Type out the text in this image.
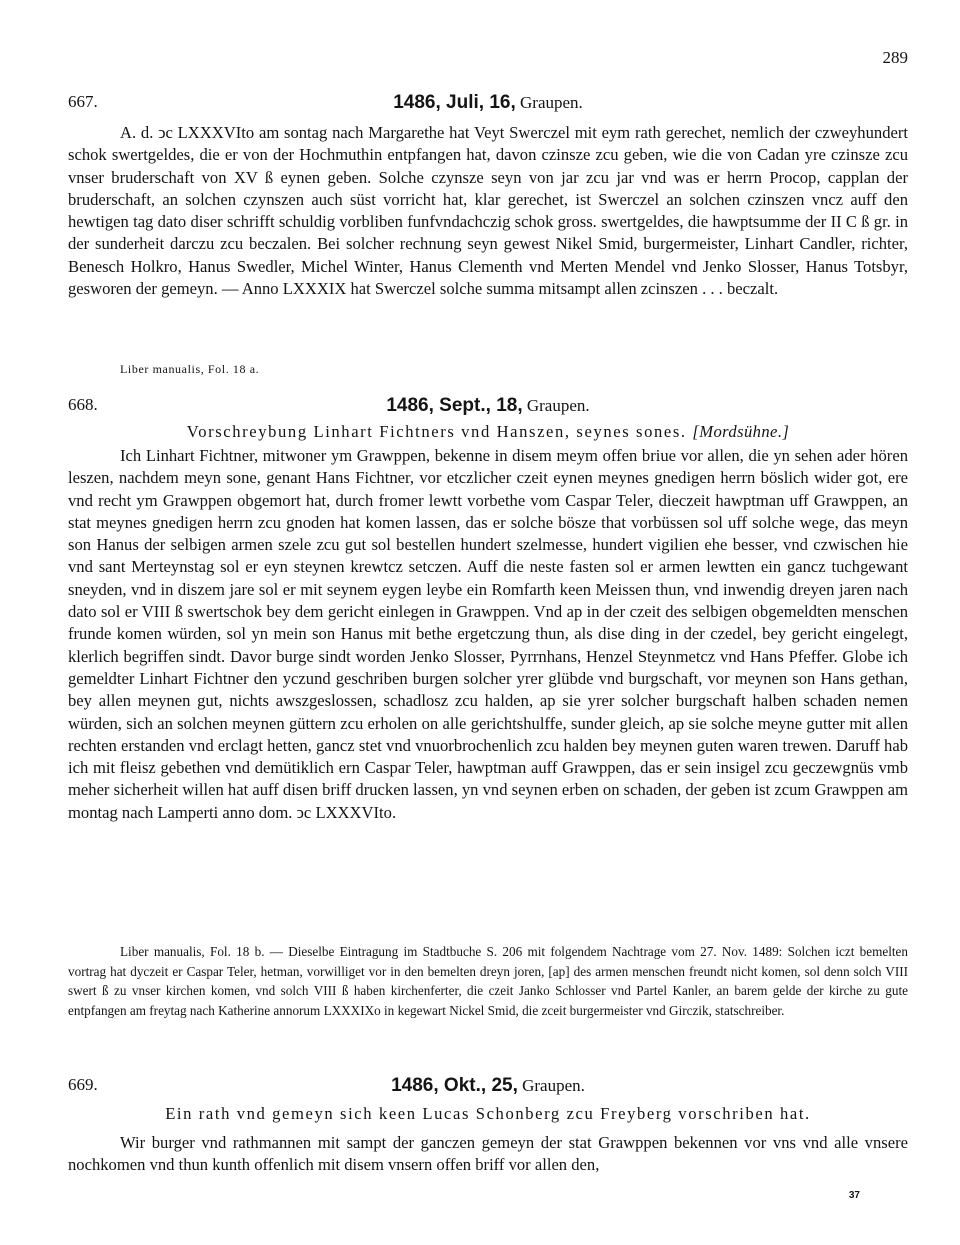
289
667.	1486, Juli, 16, Graupen.

A. d. ↄc LXXXVIto am sontag nach Margarethe hat Veyt Swerczel mit eym rath gerechet, nemlich der czweyhundert schok swertgeldes, die er von der Hochmuthin entpfangen hat, davon czinsze zcu geben, wie die von Cadan yre czinsze zcu vnser bruderschaft von XV ß eynen geben. Solche czynsze seyn von jar zcu jar vnd was er herrn Procop, capplan der bruderschaft, an solchen czynszen auch süst vorricht hat, klar gerechet, ist Swerczel an solchen czinszen vncz auff den hewtigen tag dato diser schrifft schuldig vorbliben funfvndachczig schok gross. swertgeldes, die hawptsumme der II C ß gr. in der sunderheit darczu zcu beczalen. Bei solcher rechnung seyn gewest Nikel Smid, burgermeister, Linhart Candler, richter, Benesch Holkro, Hanus Swedler, Michel Winter, Hanus Clementh vnd Merten Mendel vnd Jenko Slosser, Hanus Totsbyr, gesworen der gemeyn. — Anno LXXXIX hat Swerczel solche summa mitsampt allen zcinszen . . . beczalt.

Liber manualis, Fol. 18 a.
668.	1486, Sept., 18, Graupen.

Vorschreybung Linhart Fichtners vnd Hanszen, seynes sones. [Mordsühne.]

Ich Linhart Fichtner, mitwoner ym Grawppen, bekenne in disem meym offen briue vor allen, die yn sehen ader hören leszen, nachdem meyn sone, genant Hans Fichtner, vor etczlicher czeit eynen meynes gnedigen herrn böslich wider got, ere vnd recht ym Grawppen obgemort hat, durch fromer lewtt vorbethe vom Caspar Teler, dieczeit hawptman uff Grawppen, an stat meynes gnedigen herrn zcu gnoden hat komen lassen, das er solche bösze that vorbüssen sol uff solche wege, das meyn son Hanus der selbigen armen szele zcu gut sol bestellen hundert szelmesse, hundert vigilien ehe besser, vnd czwischen hie vnd sant Merteynstag sol er eyn steynen krewtcz setczen. Auff die neste fasten sol er armen lewtten ein gancz tuchgewant sneyden, vnd in diszem jare sol er mit seynem eygen leybe ein Romfarth keen Meissen thun, vnd inwendig dreyen jaren nach dato sol er VIII ß swertschok bey dem gericht einlegen in Grawppen. Vnd ap in der czeit des selbigen obgemeldten menschen frunde komen würden, sol yn mein son Hanus mit bethe ergetczung thun, als dise ding in der czedel, bey gericht eingelegt, klerlich begriffen sindt. Davor burge sindt worden Jenko Slosser, Pyrrnhans, Henzel Steynmetcz vnd Hans Pfeffer. Globe ich gemeldter Linhart Fichtner den yczund geschriben burgen solcher yrer glübde vnd burgschaft, vor meynen son Hans gethan, bey allen meynen gut, nichts awszgeslossen, schadlosz zcu halden, ap sie yrer solcher burgschaft halben schaden nemen würden, sich an solchen meynen güttern zcu erholen on alle gerichtshulffe, sunder gleich, ap sie solche meyne gutter mit allen rechten erstanden vnd erclagt hetten, gancz stet vnd vnuorbrochenlich zcu halden bey meynen guten waren trewen. Daruff hab ich mit fleisz gebethen vnd demütiklich ern Caspar Teler, hawptman auff Grawppen, das er sein insigel zcu geczewgnüs vmb meher sicherheit willen hat auff disen briff drucken lassen, yn vnd seynen erben on schaden, der geben ist zcum Grawppen am montag nach Lamperti anno dom. ↄc LXXXVIto.

Liber manualis, Fol. 18 b. — Dieselbe Eintragung im Stadtbuche S. 206 mit folgendem Nachtrage vom 27. Nov. 1489: Solchen iczt bemelten vortrag hat dyczeit er Caspar Teler, hetman, vorwilliget vor in den bemelten dreyn joren, [ap] des armen menschen freundt nicht komen, sol denn solch VIII swert ß zu vnser kirchen komen, vnd solch VIII ß haben kirchenferter, die czeit Janko Schlosser vnd Partel Kanler, an barem gelde der kirche zu gute entpfangen am freytag nach Katherine annorum LXXXIXo in kegewart Nickel Smid, die zceit burgermeister vnd Girczik, statschreiber.

669.	1486, Okt., 25, Graupen.

Ein rath vnd gemeyn sich keen Lucas Schonberg zcu Freyberg vorschriben hat.

Wir burger vnd rathmannen mit sampt der ganczen gemeyn der stat Grawppen bekennen vor vns vnd alle vnsere nochkomen vnd thun kunth offenlich mit disem vnsern offen briff vor allen den,

37
